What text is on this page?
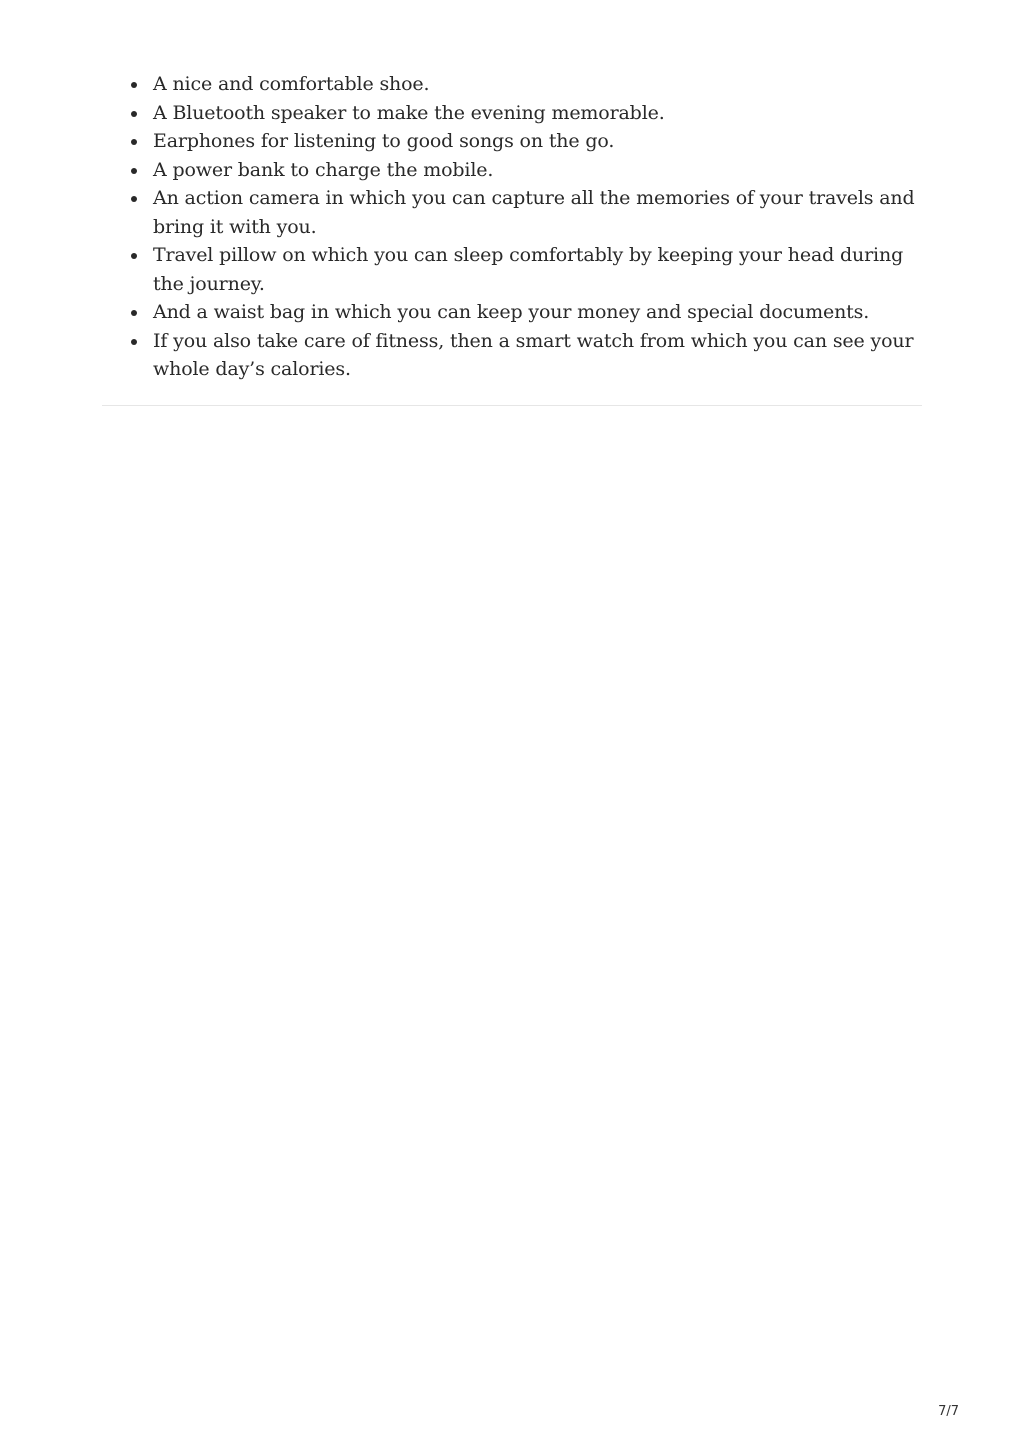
A nice and comfortable shoe.
A Bluetooth speaker to make the evening memorable.
Earphones for listening to good songs on the go.
A power bank to charge the mobile.
An action camera in which you can capture all the memories of your travels and bring it with you.
Travel pillow on which you can sleep comfortably by keeping your head during the journey.
And a waist bag in which you can keep your money and special documents.
If you also take care of fitness, then a smart watch from which you can see your whole day’s calories.
7/7
